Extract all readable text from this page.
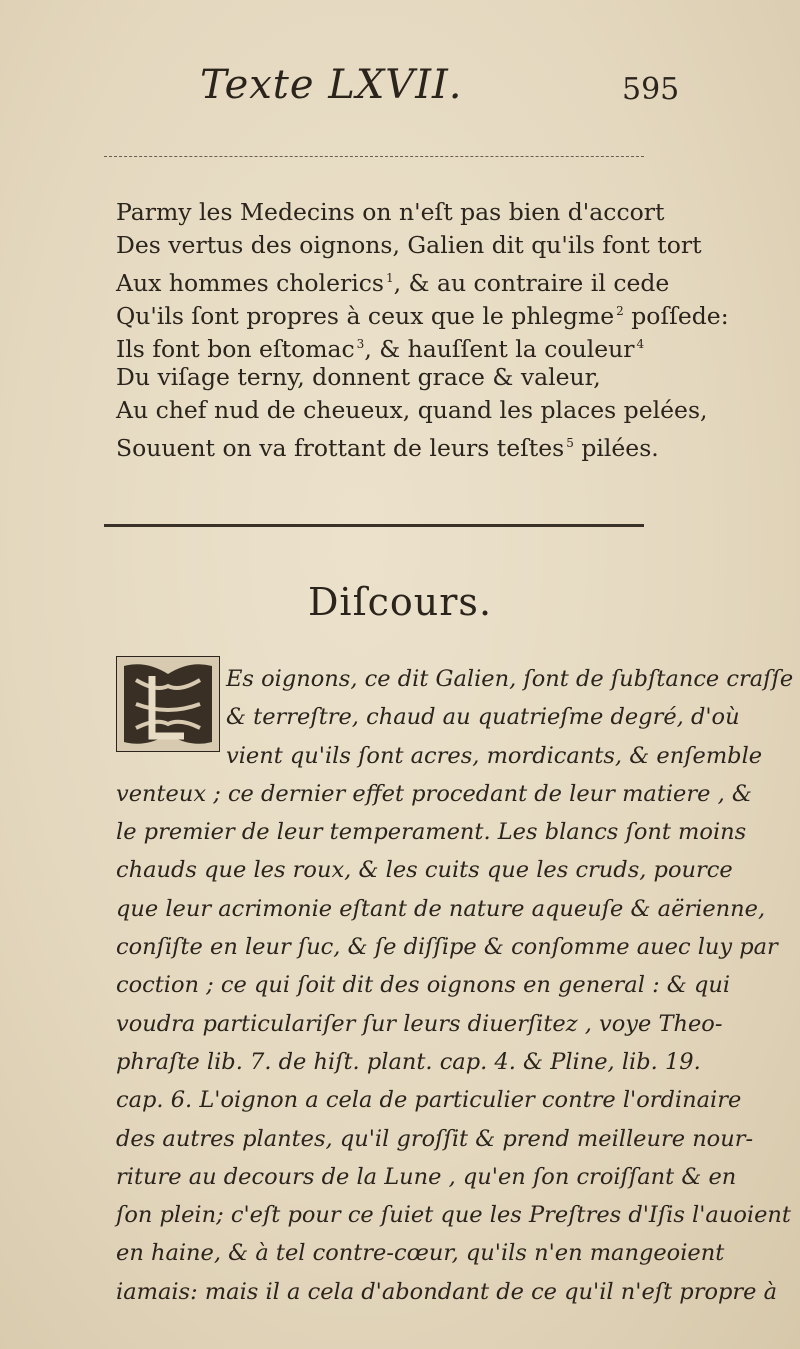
Texte LXVII.	595
Parmy les Medecins on n'eſt pas bien d'accort
Des vertus des oignons, Galien dit qu'ils font tort
Aux hommes cholerics $^1$, & au contraire il cede
Qu'ils ſont propres à ceux que le phlegme $^2$ poſſede:
Ils font bon eſtomac $^3$, & hauſſent la couleur $^4$
Du viſage terny, donnent grace & valeur,
Au chef nud de cheueux, quand les places pelées,
Souuent on va frottant de leurs teſtes $^5$ pilées.
Diſcours.
Es oignons, ce dit Galien, ſont de ſubſtance craſſe
& terreſtre, chaud au quatrieſme degré, d'où
vient qu'ils ſont acres, mordicants, & enſemble
venteux ; ce dernier effet procedant de leur matiere , &
le premier de leur temperament. Les blancs ſont moins
chauds que les roux, & les cuits que les cruds, pource
que leur acrimonie eſtant de nature aqueuſe & aërienne,
conſiſte en leur ſuc, & ſe diſſipe & conſomme auec luy par
coction ; ce qui ſoit dit des oignons en general : & qui
voudra particulariſer ſur leurs diuerſitez , voye Theo-
phraſte lib. 7. de hiſt. plant. cap. 4. & Pline, lib. 19.
cap. 6. L'oignon a cela de particulier contre l'ordinaire
des autres plantes, qu'il groſſit & prend meilleure nour-
riture au decours de la Lune , qu'en ſon croiſſant & en
ſon plein; c'eſt pour ce ſuiet que les Preſtres d'Iſis l'auoient
en haine, & à tel contre-cœur, qu'ils n'en mangeoient
iamais: mais il a cela d'abondant de ce qu'il n'eſt propre à
